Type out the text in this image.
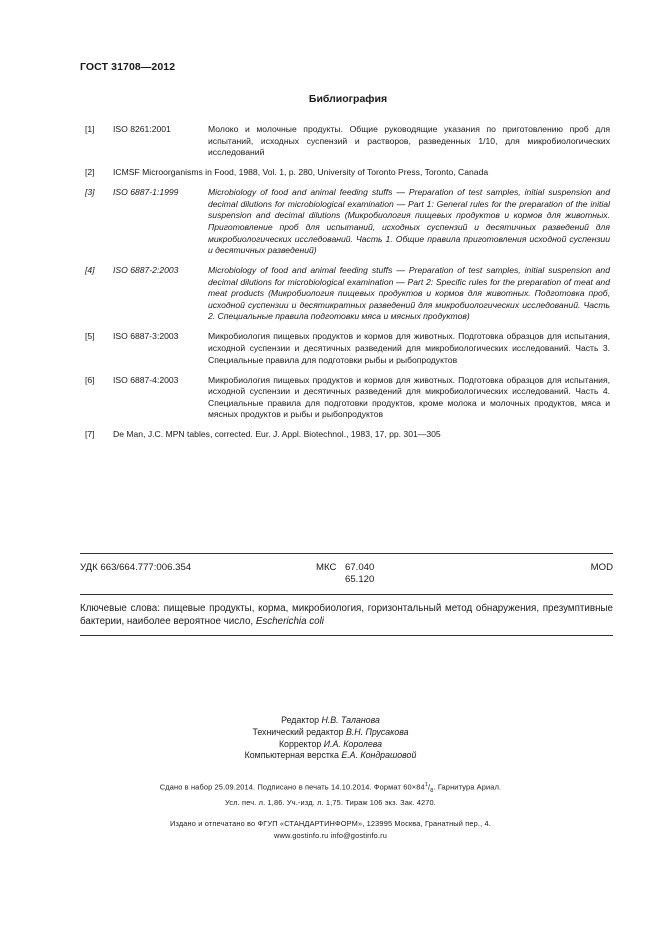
ГОСТ 31708—2012
Библиография
[1] ISO 8261:2001	Молоко и молочные продукты. Общие руководящие указания по приготовлению проб для испытаний, исходных суспензий и растворов, разведенных 1/10, для микробиологических исследований
[2] ICMSF Microorganisms in Food, 1988, Vol. 1, p. 280, University of Toronto Press, Toronto, Canada
[3] ISO 6887-1:1999	Microbiology of food and animal feeding stuffs — Preparation of test samples, initial suspension and decimal dilutions for microbiological examination — Part 1: General rules for the preparation of the initial suspension and decimal dilutions (Микробиология пищевых продуктов и кормов для животных. Приготовление проб для испытаний, исходных суспензий и десятичных разведений для микробиологических исследований. Часть 1. Общие правила приготовления исходной суспензии и десятичных разведений)
[4] ISO 6887-2:2003	Microbiology of food and animal feeding stuffs — Preparation of test samples, initial suspension and decimal dilutions for microbiological examination — Part 2: Specific rules for the preparation of meat and meat products (Микробиология пищевых продуктов и кормов для животных. Подготовка проб, исходной суспензии и десятикратных разведений для микробиологических исследований. Часть 2. Специальные правила подготовки мяса и мясных продуктов)
[5] ISO 6887-3:2003	Микробиология пищевых продуктов и кормов для животных. Подготовка образцов для испытания, исходной суспензии и десятичных разведений для микробиологических исследований. Часть 3. Специальные правила для подготовки рыбы и рыбопродуктов
[6] ISO 6887-4:2003	Микробиология пищевых продуктов и кормов для животных. Подготовка образцов для испытания, исходной суспензии и десятичных разведений для микробиологических исследований. Часть 4. Специальные правила для подготовки продуктов, кроме молока и молочных продуктов, мяса и мясных продуктов и рыбы и рыбопродуктов
[7] De Man, J.C. MPN tables, corrected. Eur. J. Appl. Biotechnol., 1983, 17, pp. 301—305
УДК 663/664.777:006.354	МКС 67.040
65.120
MOD
Ключевые слова: пищевые продукты, корма, микробиология, горизонтальный метод обнаружения, презумптивные бактерии, наиболее вероятное число, Escherichia coli
Редактор Н.В. Таланова
Технический редактор В.Н. Прусакова
Корректор И.А. Королева
Компьютерная верстка Е.А. Кондрашовой
Сдано в набор 25.09.2014. Подписано в печать 14.10.2014. Формат $60\times 84^1/_8$. Гарнитура Ариал.
Усл. печ. л. 1,86. Уч.-изд. л. 1,75. Тираж 106 экз. Зак. 4270.
Издано и отпечатано во ФГУП «СТАНДАРТИНФОРМ», 123995 Москва, Гранатный пер., 4.
www.gostinfo.ru info@gostinfo.ru
